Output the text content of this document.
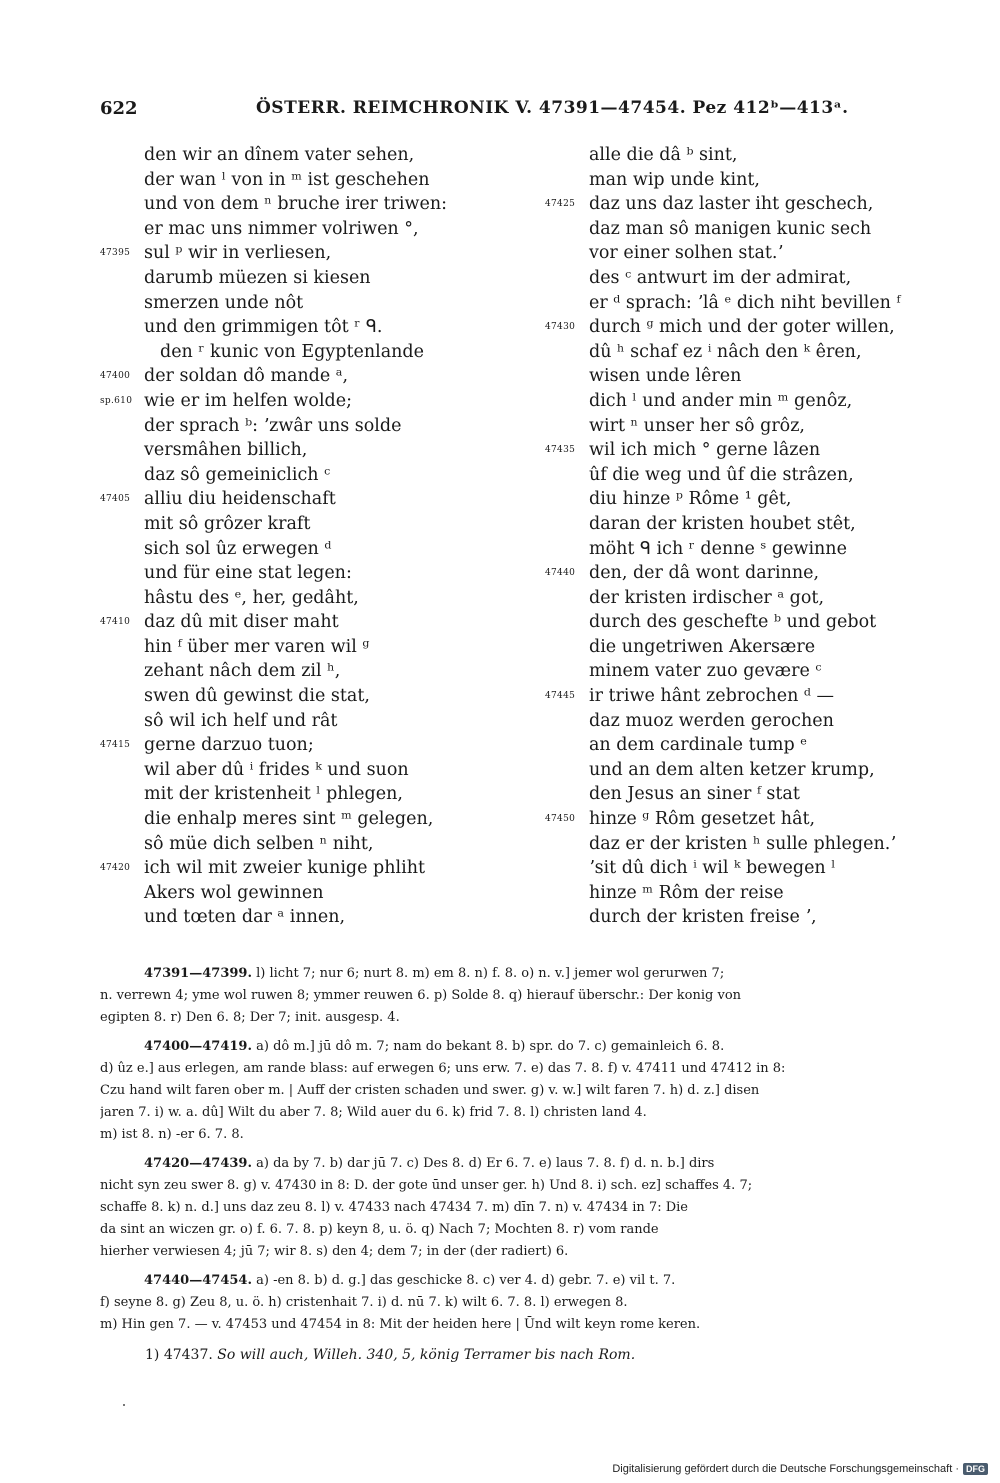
622	ÖSTERR. REIMCHRONIK V. 47391—47454. Pez 412ᵇ—413ᵃ.
den wir an dînem vater sehen,
der wan ˡ von in ᵐ ist geschehen
und von dem ⁿ bruche irer triwen:
er mac uns nimmer volriwen °,
47395 sul ᵖ wir in verliesen,
darumb müezen si kiesen
smerzen unde nôt
und den grimmigen tôt ʳ ᑫ.
den ʳ kunic von Egyptenlande
47400 der soldan dô mande ᵃ,
sp.610 wie er im helfen wolde;
der sprach ᵇ: ʼzwâr uns solde
versmâhen billich,
daz sô gemeiniclich ᶜ
47405 alliu diu heidenschaft
mit sô grôzer kraft
sich sol ûz erwegen ᵈ
und für eine stat legen:
hâstu des ᵉ, her, gedâht,
47410 daz dû mit diser maht
hin ᶠ über mer varen wil ᵍ
zehant nâch dem zil ʰ,
swen dû gewinst die stat,
sô wil ich helf und rât
47415 gerne darzuo tuon;
wil aber dû ⁱ frides ᵏ und suon
mit der kristenheit ˡ phlegen,
die enhalp meres sint ᵐ gelegen,
sô müe dich selben ⁿ niht,
47420 ich wil mit zweier kunige phliht
Akers wol gewinnen
und tœten dar ᵃ innen,
alle die dâ ᵇ sint,
man wip unde kint,
47425 daz uns daz laster iht geschech,
daz man sô manigen kunic sech
vor einer solhen stat.ʼ
des ᶜ antwurt im der admirat,
er ᵈ sprach: ʼlâ ᵉ dich niht bevillen ᶠ
47430 durch ᵍ mich und der goter willen,
dû ʰ schaf ez ⁱ nâch den ᵏ êren,
wisen unde lêren
dich ˡ und ander min ᵐ genôz,
wirt ⁿ unser her sô grôz,
47435 wil ich mich ° gerne lâzen
ûf die weg und ûf die strâzen,
diu hinze ᵖ Rôme ¹ gêt,
daran der kristen houbet stêt,
möht ᑫ ich ʳ denne ˢ gewinne
47440 den, der dâ wont darinne,
der kristen irdischer ᵃ got,
durch des geschefte ᵇ und gebot
die ungetriwen Akersære
minem vater zuo gevære ᶜ
47445 ir triwe hânt zebrochen ᵈ —
daz muoz werden gerochen
an dem cardinale tump ᵉ
und an dem alten ketzer krump,
den Jesus an siner ᶠ stat
47450 hinze ᵍ Rôm gesetzet hât,
daz er der kristen ʰ sulle phlegen.ʼ
ʼsit dû dich ⁱ wil ᵏ bewegen ˡ
hinze ᵐ Rôm der reise
durch der kristen freise ʼ,
47391—47399. l) licht 7; nur 6; nurt 8. m) em 8. n) f. 8. o) n. v.] jemer wol gerurwen 7;
n. verrewn 4; yme wol ruwen 8; ymmer reuwen 6. p) Solde 8. q) hierauf überschr.: Der konig von
egipten 8. r) Den 6. 8; Der 7; init. ausgesp. 4.
47400—47419. a) dô m.] jū dô m. 7; nam do bekant 8. b) spr. do 7. c) gemainleich 6. 8.
d) ûz e.] aus erlegen, am rande blass: auf erwegen 6; uns erw. 7. e) das 7. 8. f) v. 47411 und 47412 in 8:
Czu hand wilt faren ober m. | Auff der cristen schaden und swer. g) v. w.] wilt faren 7. h) d. z.] disen
jaren 7. i) w. a. dû] Wilt du aber 7. 8; Wild auer du 6. k) frid 7. 8. l) christen land 4.
m) ist 8. n) -er 6. 7. 8.
47420—47439. a) da by 7. b) dar jū 7. c) Des 8. d) Er 6. 7. e) laus 7. 8. f) d. n. b.] dirs
nicht syn zeu swer 8. g) v. 47430 in 8: D. der gote ūnd unser ger. h) Und 8. i) sch. ez] schaffes 4. 7;
schaffe 8. k) n. d.] uns daz zeu 8. l) v. 47433 nach 47434 7. m) dīn 7. n) v. 47434 in 7: Die
da sint an wiczen gr. o) f. 6. 7. 8. p) keyn 8, u. ö. q) Nach 7; Mochten 8. r) vom rande
hierher verwiesen 4; jū 7; wir 8. s) den 4; dem 7; in der (der radiert) 6.
47440—47454. a) -en 8. b) d. g.] das geschicke 8. c) ver 4. d) gebr. 7. e) vil t. 7.
f) seyne 8. g) Zeu 8, u. ö. h) cristenhait 7. i) d. nū 7. k) wilt 6. 7. 8. l) erwegen 8.
m) Hin gen 7. — v. 47453 und 47454 in 8: Mit der heiden here | Ūnd wilt keyn rome keren.
1) 47437. So will auch, Willeh. 340, 5, könig Terramer bis nach Rom.
Digitalisierung gefördert durch die Deutsche Forschungsgemeinschaft · DFG
